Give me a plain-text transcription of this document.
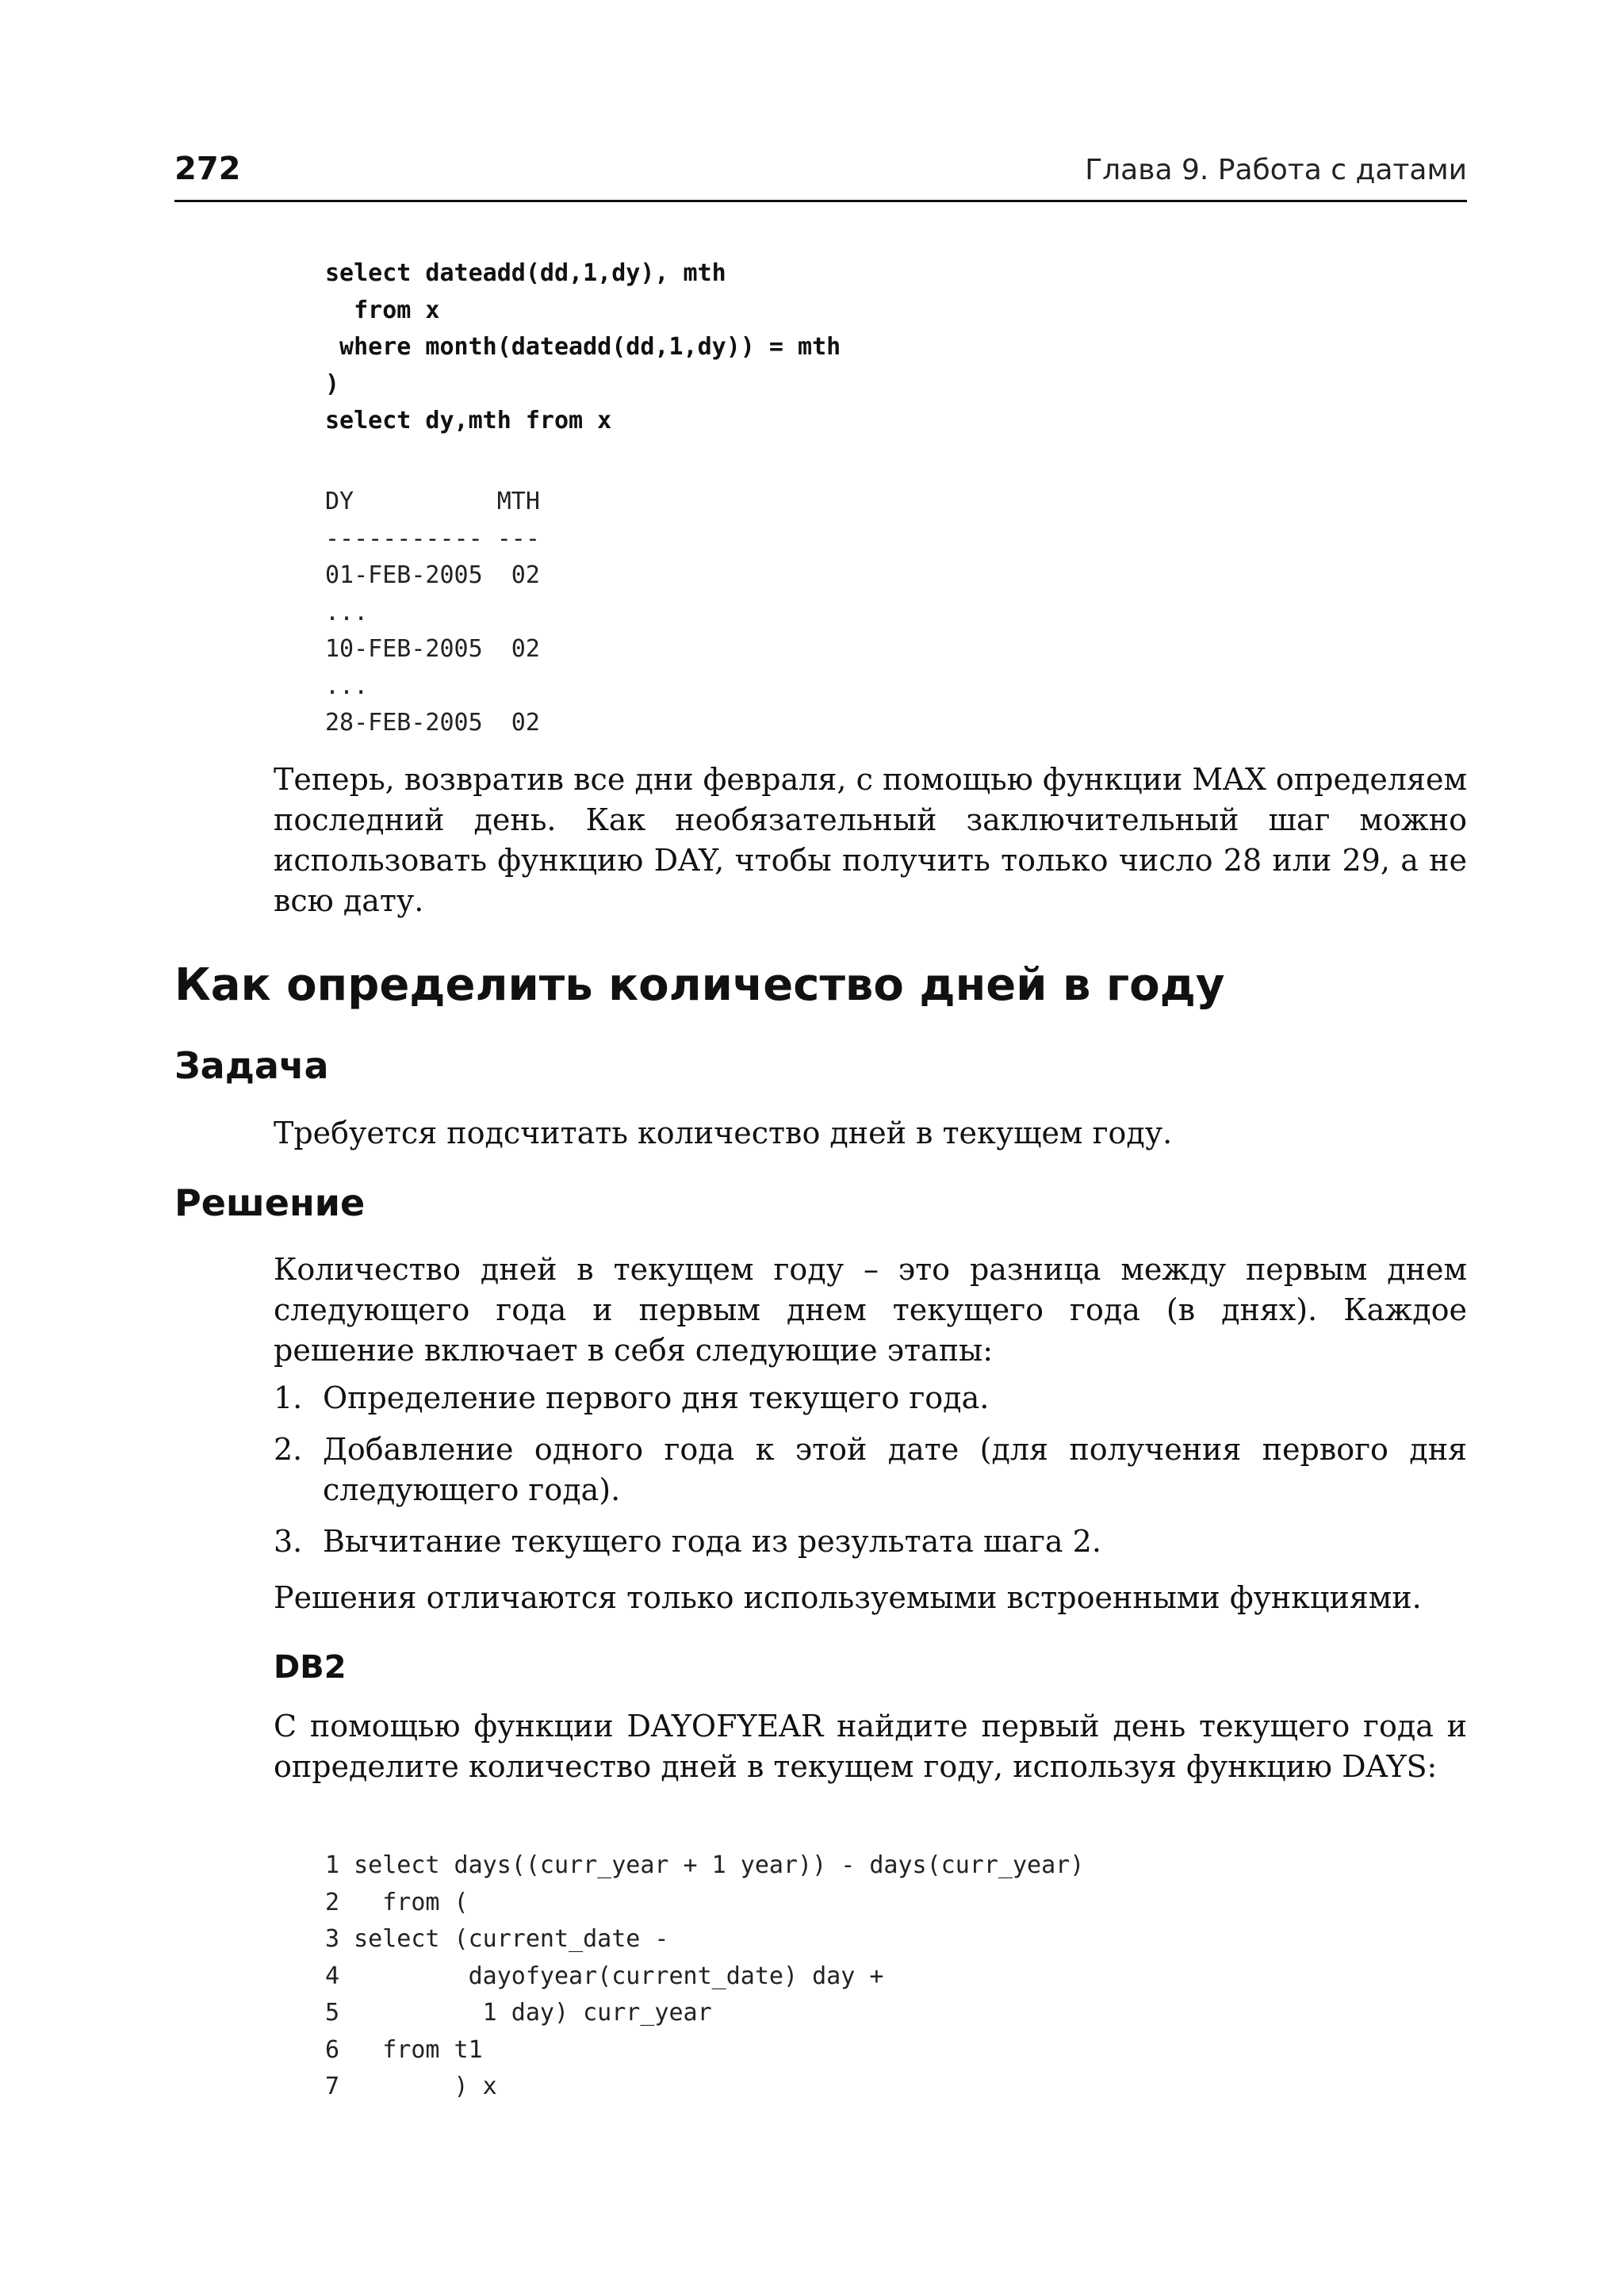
272	Глава 9. Работа с датами
select dateadd(dd,1,dy), mth
from x
where month(dateadd(dd,1,dy)) = mth
)
select dy,mth from x
DY          MTH
----------- ---
01-FEB-2005  02
...
10-FEB-2005  02
...
28-FEB-2005  02

Теперь, возвратив все дни февраля, с помощью функции MAX определяем последний день. Как необязательный заключительный шаг можно использовать функцию DAY, чтобы получить только число 28 или 29, а не всю дату.

Как определить количество дней в году
Задача

Требуется подсчитать количество дней в текущем году.

Решение

Количество дней в текущем году – это разница между первым днем следующего года и первым днем текущего года (в днях). Каждое решение включает в себя следующие этапы:

1. Определение первого дня текущего года.
2. Добавление одного года к этой дате (для получения первого дня следующего года).
3. Вычитание текущего года из результата шага 2.

Решения отличаются только используемыми встроенными функциями.

DB2

С помощью функции DAYOFYEAR найдите первый день текущего года и определите количество дней в текущем году, используя функцию DAYS:

1 select days((curr_year + 1 year)) - days(curr_year)
2   from (
3 select (current_date -
4         dayofyear(current_date) day +
5          1 day) curr_year
6   from t1
7        ) x
